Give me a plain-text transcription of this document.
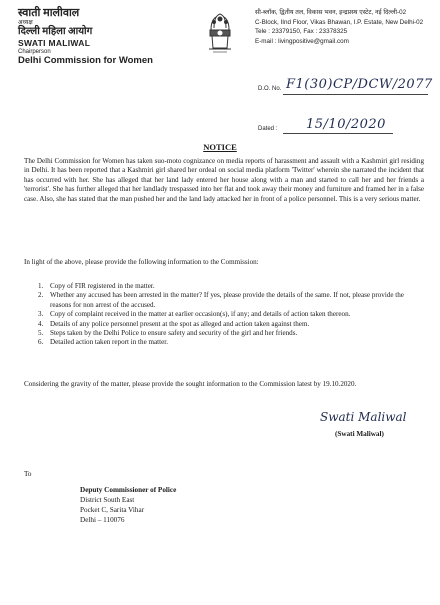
स्वाती मालीवाल
अध्यक्ष
दिल्ली महिला आयोग
SWATI MALIWAL
Chairperson
Delhi Commission for Women
सी-ब्लॉक, द्वितीय तल, विकास भवन, इन्द्रप्रस्थ एस्टेट, नई दिल्ली-02
C-Block, IInd Floor, Vikas Bhawan, I.P. Estate, New Delhi-02
Tele : 23379150, Fax : 23378325
E-mail : livingpositive@gmail.com
D.O. No. F1(30)CP/DCW/2077
Dated : 15/10/2020
NOTICE
The Delhi Commission for Women has taken suo-moto cognizance on media reports of harassment and assault with a Kashmiri girl residing in Delhi. It has been reported that a Kashmiri girl shared her ordeal on social media platform 'Twitter' wherein she narrated the incident that has occurred with her. She has alleged that her land lady entered her house along with a man and started to call her and her friends a 'terrorist'. She has further alleged that her landlady trespassed into her flat and took away their money and furniture and framed her in a false case. Also, she has stated that the man pushed her and the land lady attacked her in front of a police personnel. This is a very serious matter.
In light of the above, please provide the following information to the Commission:
1. Copy of FIR registered in the matter.
2. Whether any accused has been arrested in the matter? If yes, please provide the details of the same. If not, please provide the reasons for non arrest of the accused.
3. Copy of complaint received in the matter at earlier occasion(s), if any; and details of action taken thereon.
4. Details of any police personnel present at the spot as alleged and action taken against them.
5. Steps taken by the Delhi Police to ensure safety and security of the girl and her friends.
6. Detailed action taken report in the matter.
Considering the gravity of the matter, please provide the sought information to the Commission latest by 19.10.2020.
Swati Maliwal
(Swati Maliwal)
To
Deputy Commissioner of Police
District South East
Pocket C, Sarita Vihar
Delhi – 110076
